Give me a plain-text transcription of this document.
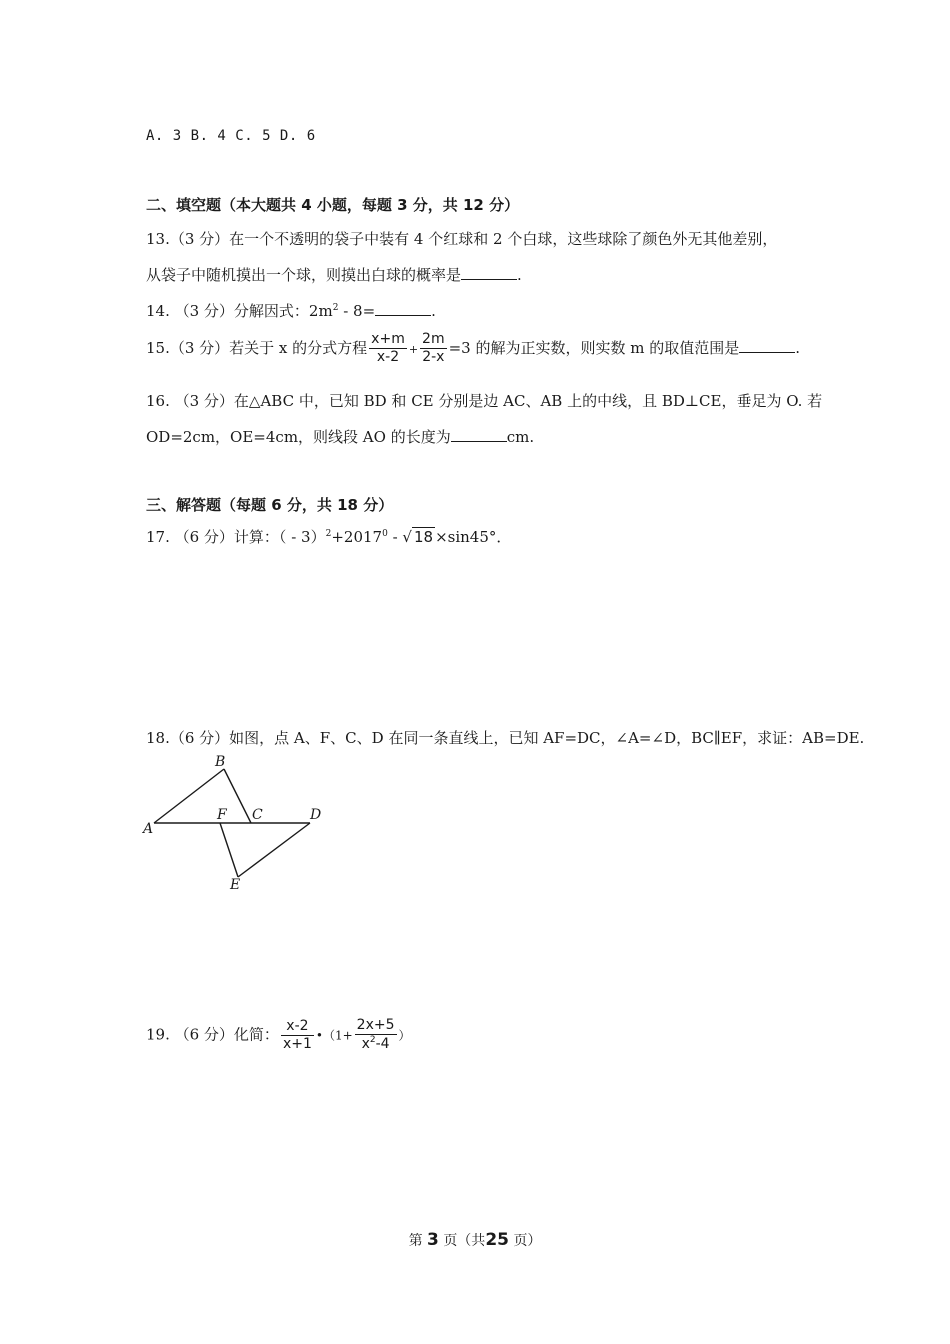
A. 3 B. 4 C. 5 D. 6
二、填空题（本大题共 4 小题，每题 3 分，共 12 分）
13.（3 分）在一个不透明的袋子中装有 4 个红球和 2 个白球，这些球除了颜色外无其他差别，
从袋子中随机摸出一个球，则摸出白球的概率是	.
14. （3 分）分解因式：$2m^2 - 8=$	.
15.（3 分）若关于 x 的分式方程 $\frac{x+m}{x-2} + \frac{2m}{2-x} =3$ 的解为正实数，则实数 m 的取值范围是	.
16. （3 分）在△ABC 中，已知 BD 和 CE 分别是边 AC、AB 上的中线，且 BD⊥CE，垂足为 O. 若
OD=2cm，OE=4cm，则线段 AO 的长度为	cm.
三、解答题（每题 6 分，共 18 分）
17. （6 分）计算：（ - $3)^2+2017^0$ - √ 18 ×sin45°．
18.（6 分）如图，点 A、F、C、D 在同一条直线上，已知 AF=DC，∠A=∠D，BC∥EF，求证：AB=DE.
A
B
C	D
E
F
19. （6 分）化简： $\frac{x-2}{x+1}$ •（1+ $\frac{2x+5}{x^2-4}$ ）
第 3 页（共25 页）
